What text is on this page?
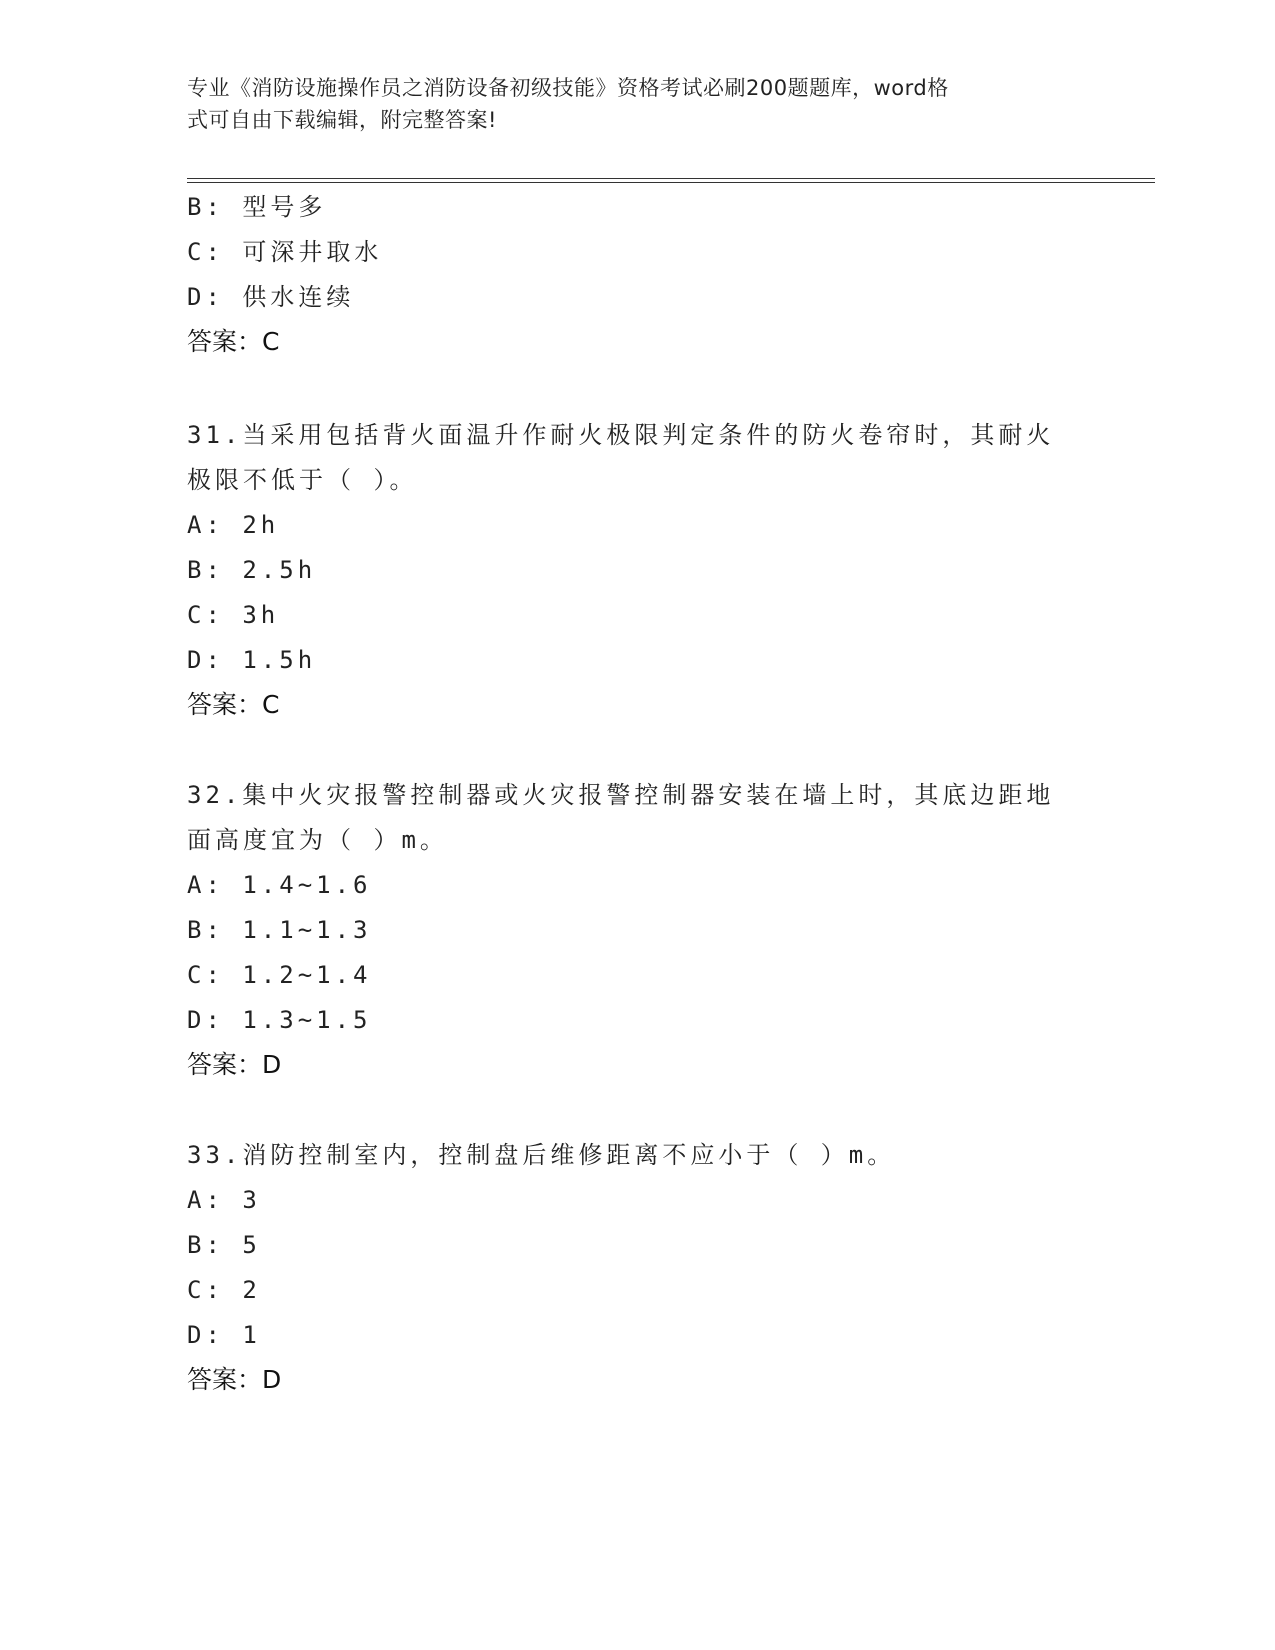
专业《消防设施操作员之消防设备初级技能》资格考试必刷200题题库，word格
式可自由下载编辑，附完整答案!
B: 型号多
C: 可深井取水
D: 供水连续
答案：C
31.当采用包括背火面温升作耐火极限判定条件的防火卷帘时，其耐火
极限不低于（ ）。
A: 2h
B: 2.5h
C: 3h
D: 1.5h
答案：C
32.集中火灾报警控制器或火灾报警控制器安装在墙上时，其底边距地
面高度宜为（ ）m。
A: 1.4~1.6
B: 1.1~1.3
C: 1.2~1.4
D: 1.3~1.5
答案：D
33.消防控制室内，控制盘后维修距离不应小于（ ）m。
A: 3
B: 5
C: 2
D: 1
答案：D
